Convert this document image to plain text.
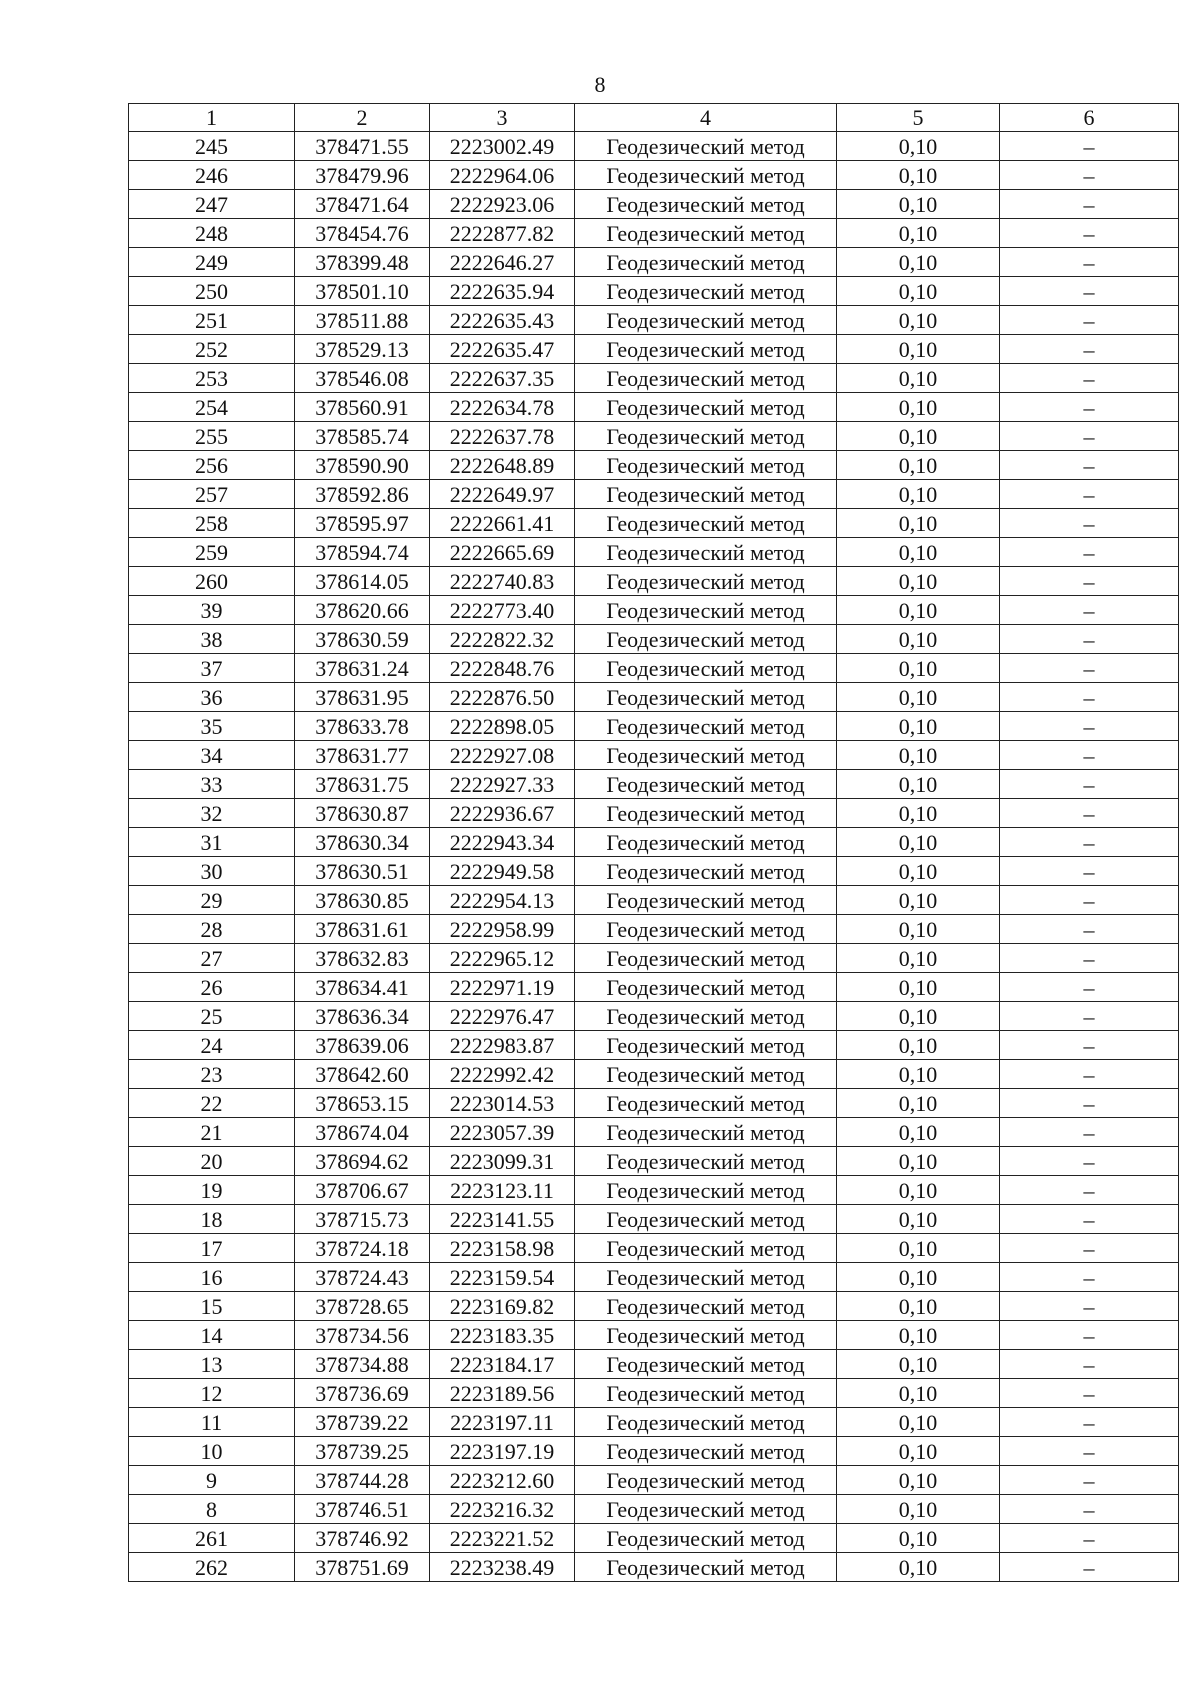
8
1	2	3	4	5	6
245	378471.55	2223002.49	Геодезический метод	0,10	–
246	378479.96	2222964.06	Геодезический метод	0,10	–
247	378471.64	2222923.06	Геодезический метод	0,10	–
248	378454.76	2222877.82	Геодезический метод	0,10	–
249	378399.48	2222646.27	Геодезический метод	0,10	–
250	378501.10	2222635.94	Геодезический метод	0,10	–
251	378511.88	2222635.43	Геодезический метод	0,10	–
252	378529.13	2222635.47	Геодезический метод	0,10	–
253	378546.08	2222637.35	Геодезический метод	0,10	–
254	378560.91	2222634.78	Геодезический метод	0,10	–
255	378585.74	2222637.78	Геодезический метод	0,10	–
256	378590.90	2222648.89	Геодезический метод	0,10	–
257	378592.86	2222649.97	Геодезический метод	0,10	–
258	378595.97	2222661.41	Геодезический метод	0,10	–
259	378594.74	2222665.69	Геодезический метод	0,10	–
260	378614.05	2222740.83	Геодезический метод	0,10	–
39	378620.66	2222773.40	Геодезический метод	0,10	–
38	378630.59	2222822.32	Геодезический метод	0,10	–
37	378631.24	2222848.76	Геодезический метод	0,10	–
36	378631.95	2222876.50	Геодезический метод	0,10	–
35	378633.78	2222898.05	Геодезический метод	0,10	–
34	378631.77	2222927.08	Геодезический метод	0,10	–
33	378631.75	2222927.33	Геодезический метод	0,10	–
32	378630.87	2222936.67	Геодезический метод	0,10	–
31	378630.34	2222943.34	Геодезический метод	0,10	–
30	378630.51	2222949.58	Геодезический метод	0,10	–
29	378630.85	2222954.13	Геодезический метод	0,10	–
28	378631.61	2222958.99	Геодезический метод	0,10	–
27	378632.83	2222965.12	Геодезический метод	0,10	–
26	378634.41	2222971.19	Геодезический метод	0,10	–
25	378636.34	2222976.47	Геодезический метод	0,10	–
24	378639.06	2222983.87	Геодезический метод	0,10	–
23	378642.60	2222992.42	Геодезический метод	0,10	–
22	378653.15	2223014.53	Геодезический метод	0,10	–
21	378674.04	2223057.39	Геодезический метод	0,10	–
20	378694.62	2223099.31	Геодезический метод	0,10	–
19	378706.67	2223123.11	Геодезический метод	0,10	–
18	378715.73	2223141.55	Геодезический метод	0,10	–
17	378724.18	2223158.98	Геодезический метод	0,10	–
16	378724.43	2223159.54	Геодезический метод	0,10	–
15	378728.65	2223169.82	Геодезический метод	0,10	–
14	378734.56	2223183.35	Геодезический метод	0,10	–
13	378734.88	2223184.17	Геодезический метод	0,10	–
12	378736.69	2223189.56	Геодезический метод	0,10	–
11	378739.22	2223197.11	Геодезический метод	0,10	–
10	378739.25	2223197.19	Геодезический метод	0,10	–
9	378744.28	2223212.60	Геодезический метод	0,10	–
8	378746.51	2223216.32	Геодезический метод	0,10	–
261	378746.92	2223221.52	Геодезический метод	0,10	–
262	378751.69	2223238.49	Геодезический метод	0,10	–
